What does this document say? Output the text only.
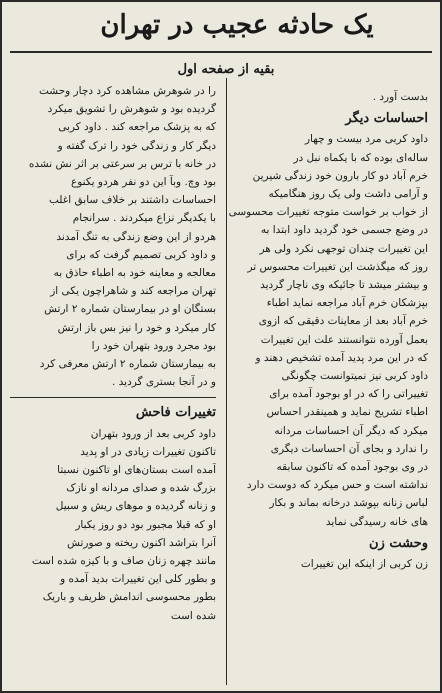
یک حادثه عجیب در تهران
بقیه از صفحه اول
بدست آورد .
احساسات دیگر
داود کربی مرد بیست و چهار
ساله‌ای بوده که با یکماه نبل در
خرم آباد دو کار بارون خود زندگی شیرین
و آرامی داشت ولی یک روز هنگامیکه
از خواب بر خواست متوجه تغییرات محسوسی
در وضع جسمی خود گردید داود ابتدا به
این تغییرات چندان توجهی نکرد ولی هر
روز که میگذشت این تغییرات محسوس تر
و بیشتر میشد تا جائیکه وی ناچار گردید
بپزشکان خرم آباد مراجعه نماید اطباء
خرم آباد بعد از معاینات دقیقی که ازوی
بعمل آورده نتوانستند علت این تغییرات
که در این مرد پدید آمده تشخیص دهند و
داود کربی نیز نمیتوانست چگونگی
تغییراتی را که در او بوجود آمده برای
اطباء تشریح نماید و همینقدر احساس
میکرد که دیگر آن احساسات مردانه
را ندارد و بجای آن احساسات دیگری
در وی بوجود آمده که تاکنون سابقه
نداشته است و حس میکرد که دوست دارد
لباس زنانه بپوشد درخانه بماند و بکار
های خانه رسیدگی نماید
وحشت زن
زن کربی از اینکه این تغییرات
را در شوهرش مشاهده کرد دچار وحشت
گردیده بود و شوهرش را تشویق میکرد
که به پزشک مراجعه کند . داود کربی
دیگر کار و زندگی خود را ترک گفته و
در خانه با ترس بر سرعتی بر اثر نش نشده
بود وچ. وبآ این دو نفر هردو یکنوع
احساسات داشتند بر خلاف سابق اغلب
با یکدیگر نزاع میکردند . سرانجام
هردو از این وضع زندگی به تنگ آمدند
و داود کربی تصمیم گرفت که برای
معالجه و معاینه خود به اطباء حاذق به
تهران مراجعه کند و شاهراچون یکی از
بستگان او در بیمارستان شماره ۲ ارتش
کار میکرد و خود را نیز بس باز ارتش
بود مجرد ورود بتهران خود را
به بیمارستان شماره ۲ ارتش معرفی کرد
و در آنجا بستری گردید .
تغییرات فاحش
داود کربی بعد از ورود بتهران
تاکنون تغییرات زیادی در او پدید
آمده است بستان‌های او تاکنون نسبتا
بزرگ شده و صدای مردانه او نازک
و زنانه گردیده و موهای ریش و سبیل
او که قبلا مجبور بود دو روز یکبار
آنرا بتراشد اکنون ریخته و صورتش
مانند چهره زنان صاف و با کیزه شده است
و بطور کلی این تغییرات بدید آمده و
بطور محسوسی اندامش ظریف و باریک
شده است
